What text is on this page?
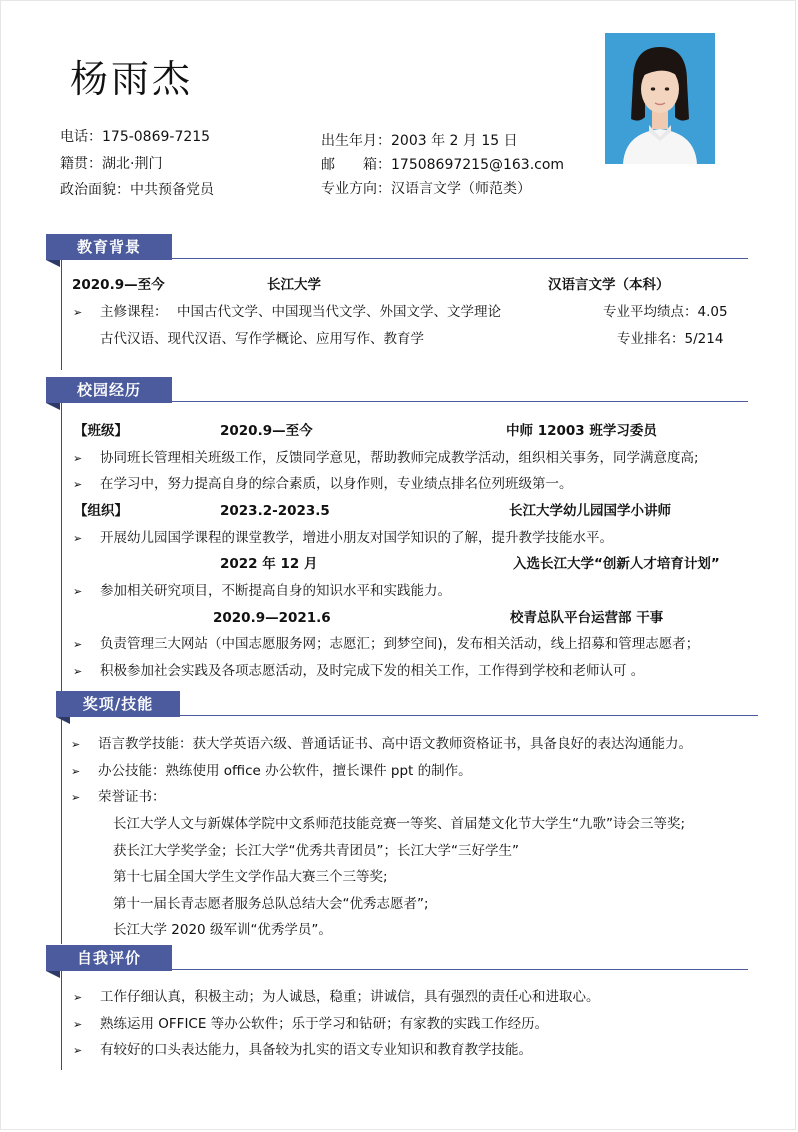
杨雨杰
电话：175-0869-7215
籍贯：湖北·荆门
政治面貌：中共预备党员
出生年月：2003 年 2 月 15 日
邮　　箱：17508697215@163.com
专业方向：汉语言文学（师范类）
教育背景
2020.9—至今	长江大学	汉语言文学（本科）
➢ 主修课程： 中国古代文学、中国现当代文学、外国文学、文学理论	专业平均绩点：4.05
古代汉语、现代汉语、写作学概论、应用写作、教育学	专业排名：5/214
校园经历
【班级】	2020.9—至今	中师 12003 班学习委员
➢ 协同班长管理相关班级工作，反馈同学意见，帮助教师完成教学活动，组织相关事务，同学满意度高;
➢ 在学习中，努力提高自身的综合素质，以身作则，专业绩点排名位列班级第一。
【组织】	2023.2-2023.5	长江大学幼儿园国学小讲师
➢ 开展幼儿园国学课程的课堂教学，增进小朋友对国学知识的了解，提升教学技能水平。
2022 年 12 月	入选长江大学“创新人才培育计划”
➢ 参加相关研究项目，不断提高自身的知识水平和实践能力。
2020.9—2021.6	校青总队平台运营部 干事
➢ 负责管理三大网站（中国志愿服务网；志愿汇；到梦空间)，发布相关活动，线上招募和管理志愿者；
➢ 积极参加社会实践及各项志愿活动，及时完成下发的相关工作，工作得到学校和老师认可 。
奖项/技能
➢ 语言教学技能：获大学英语六级、普通话证书、高中语文教师资格证书，具备良好的表达沟通能力。
➢ 办公技能：熟练使用 office 办公软件，擅长课件 ppt 的制作。
➢ 荣誉证书：
长江大学人文与新媒体学院中文系师范技能竞赛一等奖、首届楚文化节大学生“九歌”诗会三等奖;
获长江大学奖学金；长江大学“优秀共青团员”；长江大学“三好学生”
第十七届全国大学生文学作品大赛三个三等奖;
第十一届长青志愿者服务总队总结大会“优秀志愿者”;
长江大学 2020 级军训“优秀学员”。
自我评价
➢ 工作仔细认真，积极主动；为人诚恳，稳重；讲诚信，具有强烈的责任心和进取心。
➢ 熟练运用 OFFICE 等办公软件；乐于学习和钻研；有家教的实践工作经历。
➢ 有较好的口头表达能力，具备较为扎实的语文专业知识和教育教学技能。
